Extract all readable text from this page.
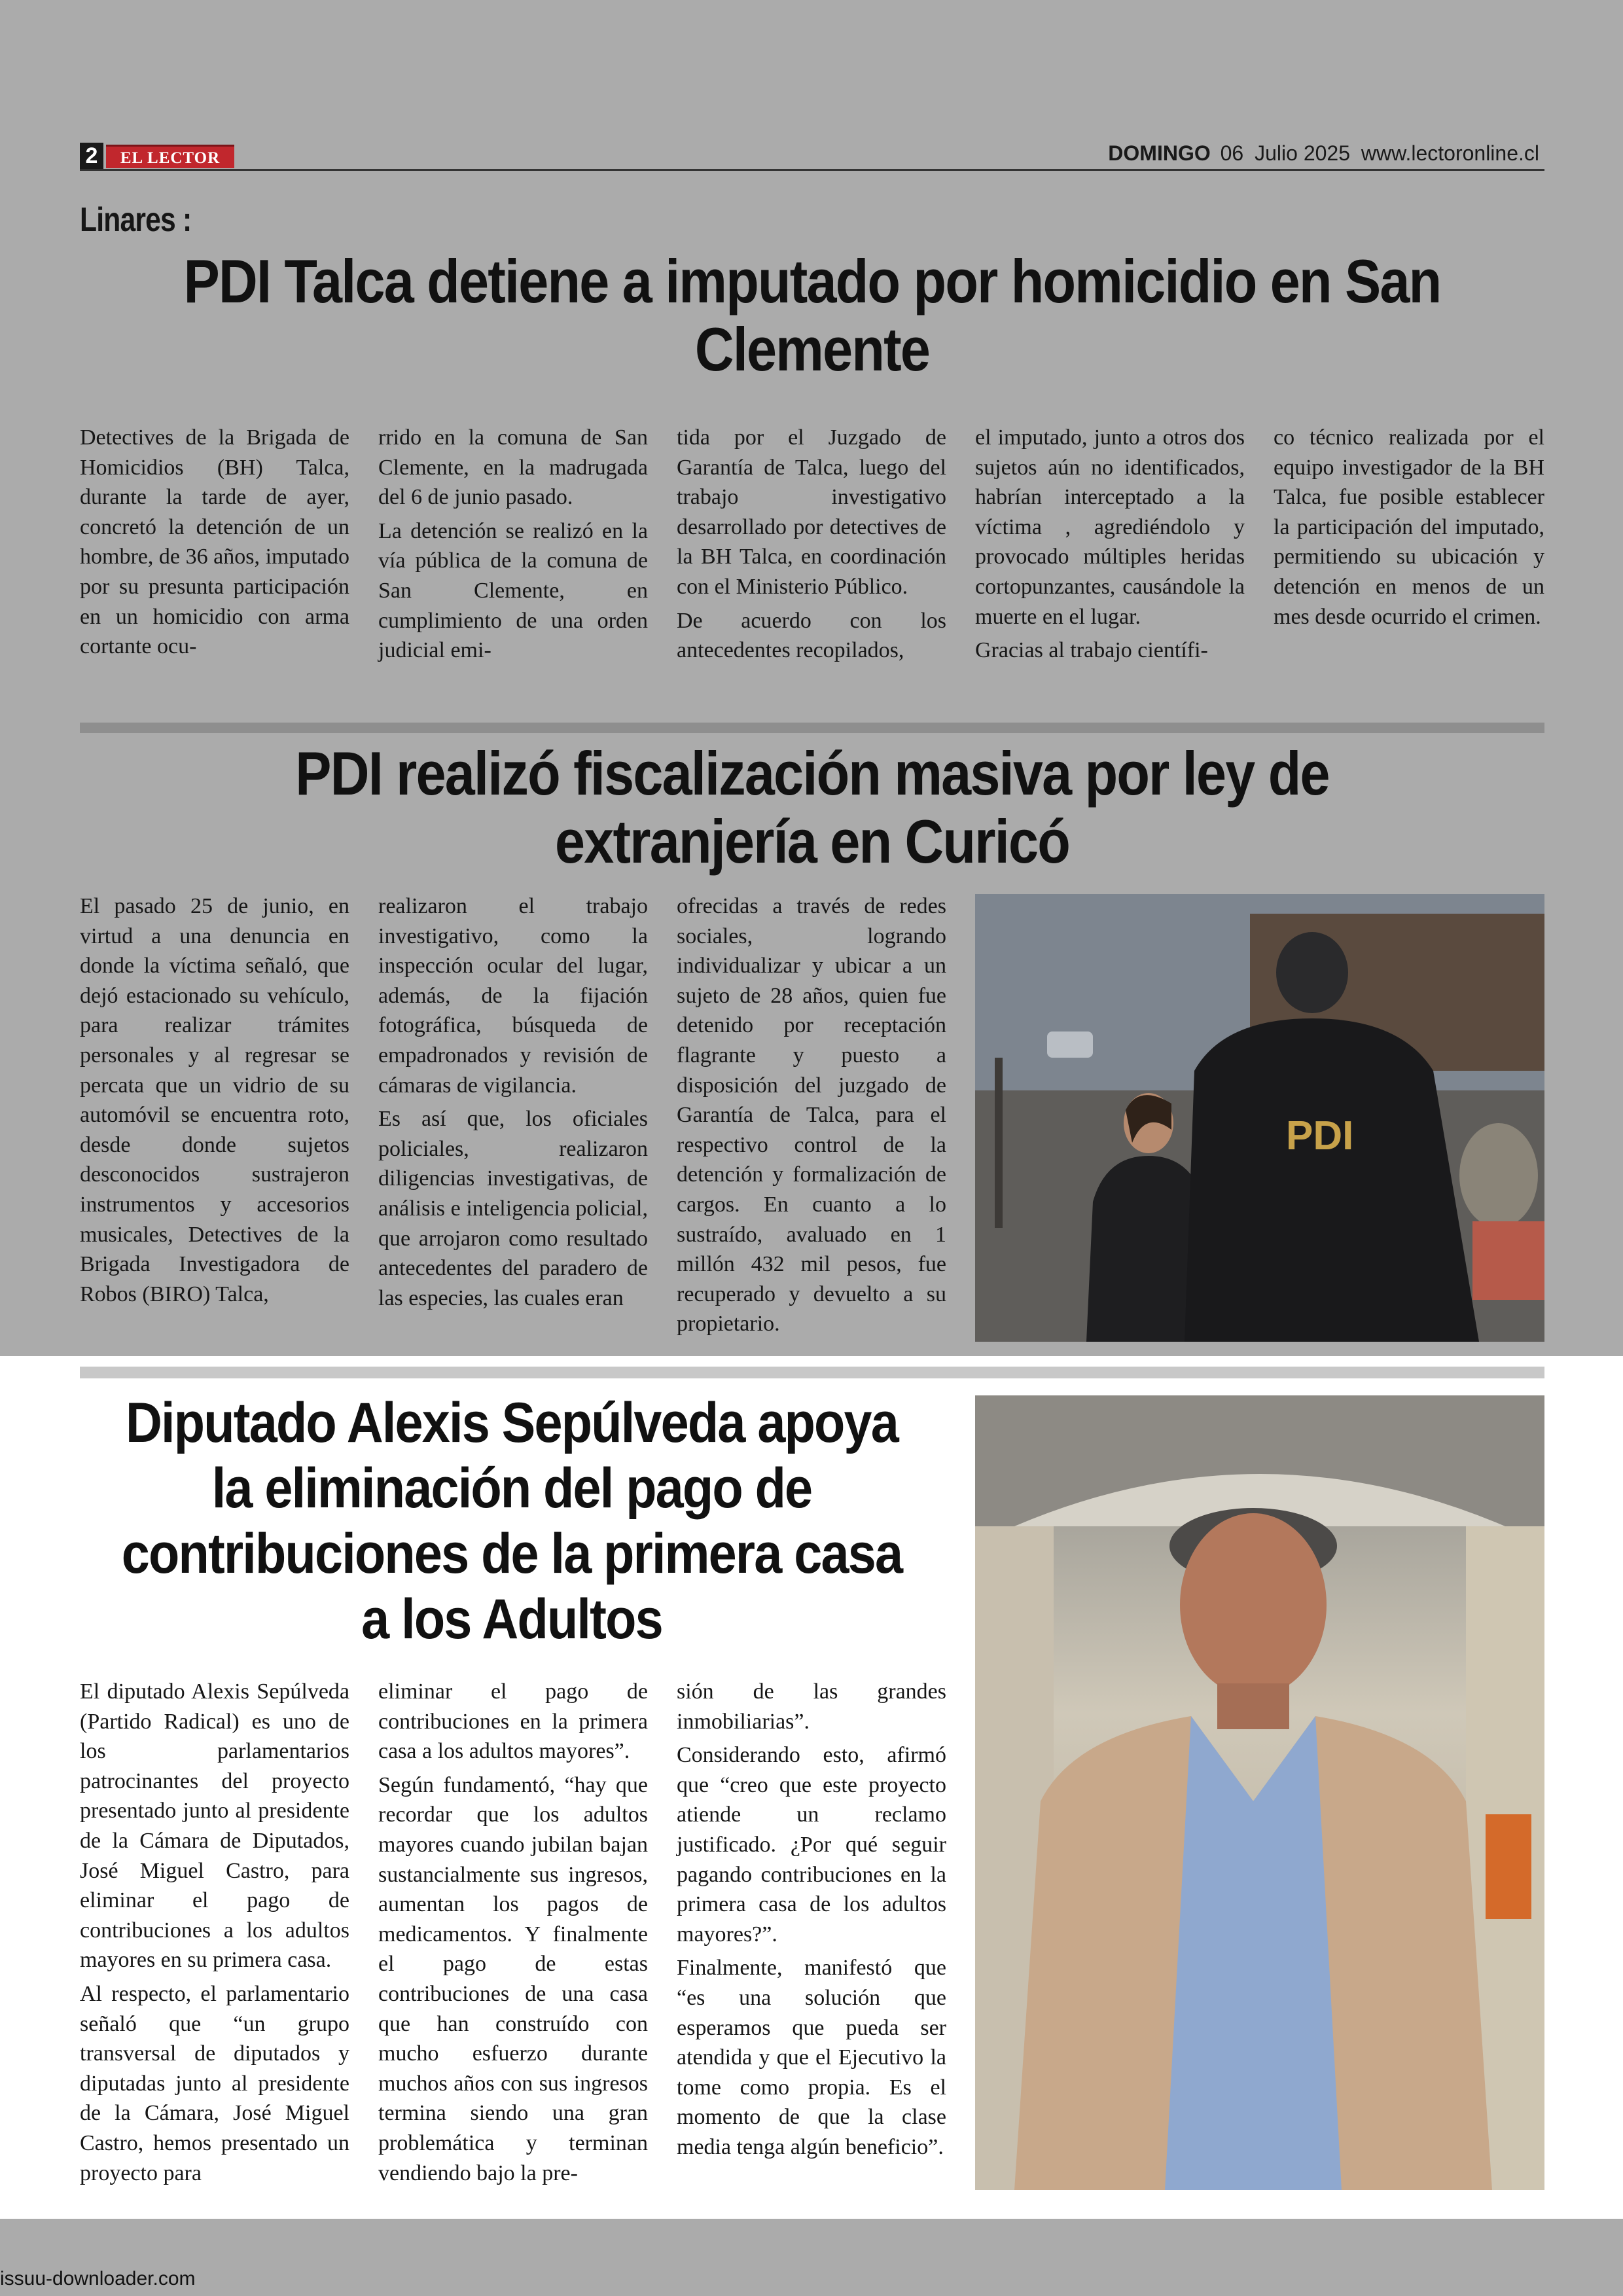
2	EL LECTOR	DOMINGO 06 Julio 2025 www.lectoronline.cl
Linares :
PDI Talca detiene a imputado por homicidio en San Clemente

Detectives de la Brigada de Homicidios (BH) Talca, durante la tarde de ayer, concretó la detención de un hombre, de 36 años, imputado por su presunta participación en un homicidio con arma cortante ocu-

rrido en la comuna de San Clemente, en la madrugada del 6 de junio pasado.

La detención se realizó en la vía pública de la comuna de San Clemente, en cumplimiento de una orden judicial emi-

tida por el Juzgado de Garantía de Talca, luego del trabajo investigativo desarrollado por detectives de la BH Talca, en coordinación con el Ministerio Público.

De acuerdo con los antecedentes recopilados,

el imputado, junto a otros dos sujetos aún no identificados, habrían interceptado a la víctima , agrediéndolo y provocado múltiples heridas cortopunzantes, causándole la muerte en el lugar.

Gracias al trabajo científi-

co técnico realizada por el equipo investigador de la BH Talca, fue posible establecer la participación del imputado, permitiendo su ubicación y detención en menos de un mes desde ocurrido el crimen.

PDI realizó fiscalización masiva por ley de extranjería en Curicó

El pasado 25 de junio, en virtud a una denuncia en donde la víctima señaló, que dejó estacionado su vehículo, para realizar trámites personales y al regresar se percata que un vidrio de su automóvil se encuentra roto, desde donde sujetos desconocidos sustrajeron instrumentos y accesorios musicales, Detectives de la Brigada Investigadora de Robos (BIRO) Talca,

realizaron el trabajo investigativo, como la inspección ocular del lugar, además, de la fijación fotográfica, búsqueda de empadronados y revisión de cámaras de vigilancia.

Es así que, los oficiales policiales, realizaron diligencias investigativas, de análisis e inteligencia policial, que arrojaron como resultado antecedentes del paradero de las especies, las cuales eran

ofrecidas a través de redes sociales, logrando individualizar y ubicar a un sujeto de 28 años, quien fue detenido por receptación flagrante y puesto a disposición del juzgado de Garantía de Talca, para el respectivo control de la detención y formalización de cargos. En cuanto a lo sustraído, avaluado en 1 millón 432 mil pesos, fue recuperado y devuelto a su propietario.

PDI
Diputado Alexis Sepúlveda apoya la eliminación del pago de contribuciones de la primera casa a los Adultos

El diputado Alexis Sepúlveda (Partido Radical) es uno de los parlamentarios patrocinantes del proyecto presentado junto al presidente de la Cámara de Diputados, José Miguel Castro, para eliminar el pago de contribuciones a los adultos mayores en su primera casa.

Al respecto, el parlamentario señaló que “un grupo transversal de diputados y diputadas junto al presidente de la Cámara, José Miguel Castro, hemos presentado un proyecto para

eliminar el pago de contribuciones en la primera casa a los adultos mayores”.

Según fundamentó, “hay que recordar que los adultos mayores cuando jubilan bajan sustancialmente sus ingresos, aumentan los pagos de medicamentos. Y finalmente el pago de estas contribuciones de una casa que han construído con mucho esfuerzo durante muchos años con sus ingresos termina siendo una gran problemática y terminan vendiendo bajo la pre-

sión de las grandes inmobiliarias”.

Considerando esto, afirmó que “creo que este proyecto atiende un reclamo justificado. ¿Por qué seguir pagando contribuciones en la primera casa de los adultos mayores?”.

Finalmente, manifestó que “es una solución que esperamos que pueda ser atendida y que el Ejecutivo la tome como propia. Es el momento de que la clase media tenga algún beneficio”.

issuu-downloader.com
